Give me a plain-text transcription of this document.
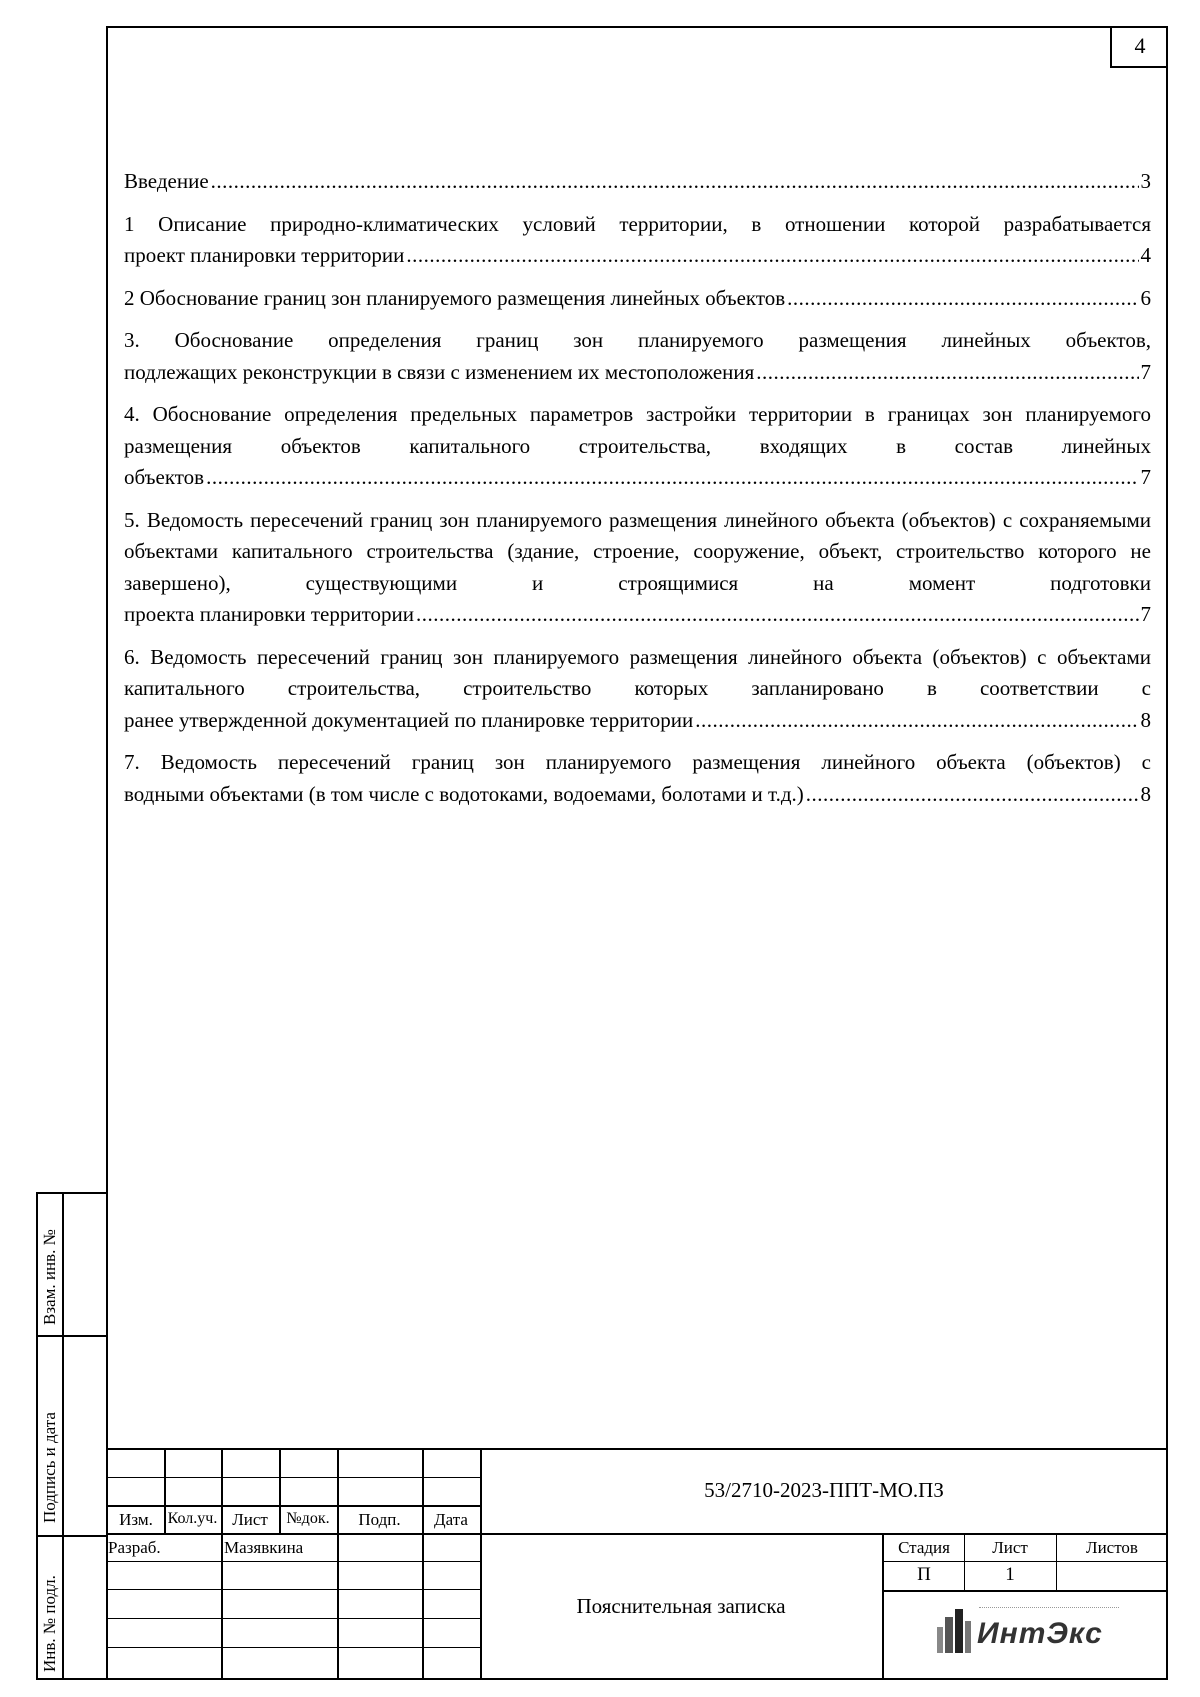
4
Введение .....	3
1 Описание природно-климатических условий территории, в отношении которой разрабатывается
проект планировки территории .....	4
2 Обоснование границ зон планируемого размещения линейных объектов .....	6
3. Обоснование определения границ зон планируемого размещения линейных объектов,
подлежащих реконструкции в связи с изменением их местоположения .....	7
4. Обоснование определения предельных параметров застройки территории в границах зон планируемого размещения объектов капитального строительства, входящих в состав линейных
объектов .....	7
5. Ведомость пересечений границ зон планируемого размещения линейного объекта (объектов) с сохраняемыми объектами капитального строительства (здание, строение, сооружение, объект, строительство которого не завершено), существующими и строящимися на момент подготовки
проекта планировки территории .....	7
6. Ведомость пересечений границ зон планируемого размещения линейного объекта (объектов) с объектами капитального строительства, строительство которых запланировано в соответствии с
ранее утвержденной документацией по планировке территории .....	8
7. Ведомость пересечений границ зон планируемого размещения линейного объекта (объектов) с
водными объектами (в том числе с водотоками, водоемами, болотами и т.д.) .....	8
Взам. инв. №
Подпись и дата
Инв. № подл.
Изм. Кол.уч. Лист	№док.	Подп.	Дата
53/2710-2023-ППТ-МО.ПЗ
Разраб.	Мазявкина
Пояснительная записка
Стадия	Лист	Листов
П	1
ИнтЭкс
